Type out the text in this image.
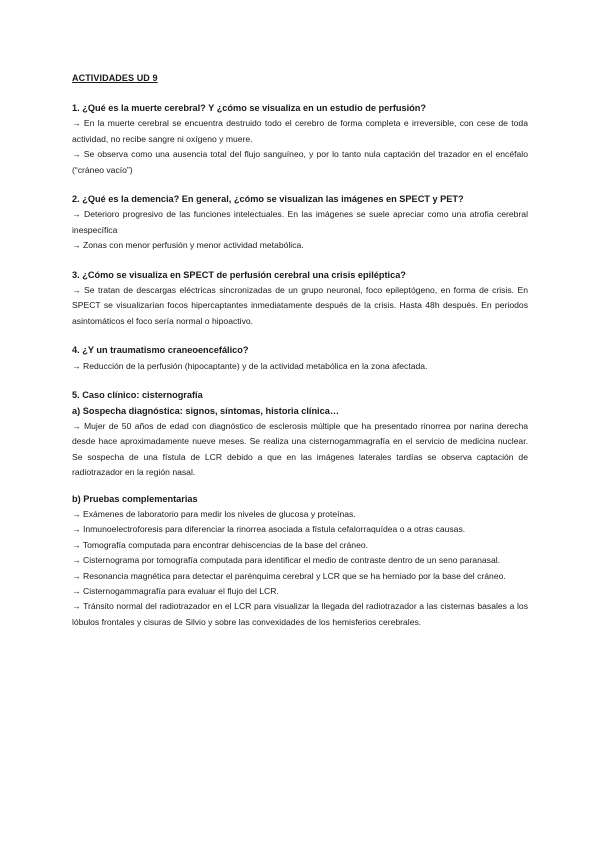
ACTIVIDADES UD 9

1. ¿Qué es la muerte cerebral? Y ¿cómo se visualiza en un estudio de perfusión?

→ En la muerte cerebral se encuentra destruido todo el cerebro de forma completa e irreversible, con cese de toda actividad, no recibe sangre ni oxígeno y muere.

→ Se observa como una ausencia total del flujo sanguíneo, y por lo tanto nula captación del trazador en el encéfalo (“cráneo vacío”)

2. ¿Qué es la demencia? En general, ¿cómo se visualizan las imágenes en SPECT y PET?

→ Deterioro progresivo de las funciones intelectuales. En las imágenes se suele apreciar como una atrofia cerebral inespecífica

→ Zonas con menor perfusión y menor actividad metabólica.

3. ¿Cómo se visualiza en SPECT de perfusión cerebral una crisis epiléptica?

→ Se tratan de descargas eléctricas sincronizadas de un grupo neuronal, foco epileptógeno, en forma de crisis. En SPECT se visualizarían focos hipercaptantes inmediatamente después de la crisis. Hasta 48h después. En periodos asintomáticos el foco sería normal o hipoactivo.

4. ¿Y un traumatismo craneoencefálico?

→ Reducción de la perfusión (hipocaptante) y de la actividad metabólica en la zona afectada.

5. Caso clínico: cisternografía

a) Sospecha diagnóstica: signos, síntomas, historia clínica…

→ Mujer de 50 años de edad con diagnóstico de esclerosis múltiple que ha presentado rinorrea por narina derecha desde hace aproximadamente nueve meses. Se realiza una cisternogammagrafía en el servicio de medicina nuclear. Se sospecha de una fístula de LCR debido a que en las imágenes laterales tardías se observa captación de radiotrazador en la región nasal.

b) Pruebas complementarias

→ Exámenes de laboratorio para medir los niveles de glucosa y proteínas.

→ Inmunoelectroforesis para diferenciar la rinorrea asociada a fístula cefalorraquídea o a otras causas.

→ Tomografía computada para encontrar dehiscencias de la base del cráneo.

→ Cisternograma por tomografía computada para identificar el medio de contraste dentro de un seno paranasal.

→ Resonancia magnética para detectar el parénquima cerebral y LCR que se ha herniado por la base del cráneo.

→ Cisternogammagrafía para evaluar el flujo del LCR.

→ Tránsito normal del radiotrazador en el LCR para visualizar la llegada del radiotrazador a las cisternas basales a los lóbulos frontales y cisuras de Silvio y sobre las convexidades de los hemisferios cerebrales.
